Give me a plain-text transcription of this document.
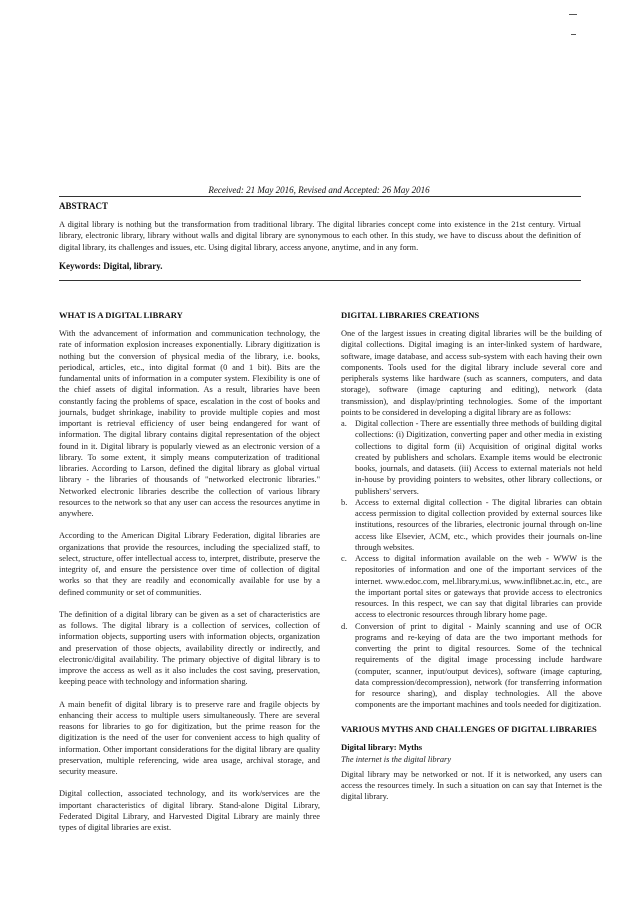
Received: 21 May 2016, Revised and Accepted: 26 May 2016

ABSTRACT

A digital library is nothing but the transformation from traditional library. The digital libraries concept come into existence in the 21st century. Virtual library, electronic library, library without walls and digital library are synonymous to each other. In this study, we have to discuss about the definition of digital library, its challenges and issues, etc. Using digital library, access anyone, anytime, and in any form.

Keywords: Digital, library.

WHAT IS A DIGITAL LIBRARY

With the advancement of information and communication technology, the rate of information explosion increases exponentially. Library digitization is nothing but the conversion of physical media of the library, i.e. books, periodical, articles, etc., into digital format (0 and 1 bit). Bits are the fundamental units of information in a computer system. Flexibility is one of the chief assets of digital information. As a result, libraries have been constantly facing the problems of space, escalation in the cost of books and journals, budget shrinkage, inability to provide multiple copies and most important is retrieval efficiency of user being endangered for want of information. The digital library contains digital representation of the object found in it. Digital library is popularly viewed as an electronic version of a library. To some extent, it simply means computerization of traditional libraries. According to Larson, defined the digital library as global virtual library - the libraries of thousands of "networked electronic libraries." Networked electronic libraries describe the collection of various library resources to the network so that any user can access the resources anytime in anywhere.

According to the American Digital Library Federation, digital libraries are organizations that provide the resources, including the specialized staff, to select, structure, offer intellectual access to, interpret, distribute, preserve the integrity of, and ensure the persistence over time of collection of digital works so that they are readily and economically available for use by a defined community or set of communities.

The definition of a digital library can be given as a set of characteristics are as follows. The digital library is a collection of services, collection of information objects, supporting users with information objects, organization and preservation of those objects, availability directly or indirectly, and electronic/digital availability. The primary objective of digital library is to improve the access as well as it also includes the cost saving, preservation, keeping peace with technology and information sharing.

A main benefit of digital library is to preserve rare and fragile objects by enhancing their access to multiple users simultaneously. There are several reasons for libraries to go for digitization, but the prime reason for the digitization is the need of the user for convenient access to high quality of information. Other important considerations for the digital library are quality preservation, multiple referencing, wide area usage, archival storage, and security measure.

Digital collection, associated technology, and its work/services are the important characteristics of digital library. Stand-alone Digital Library, Federated Digital Library, and Harvested Digital Library are mainly three types of digital libraries are exist.

DIGITAL LIBRARIES CREATIONS

One of the largest issues in creating digital libraries will be the building of digital collections. Digital imaging is an inter-linked system of hardware, software, image database, and access sub-system with each having their own components. Tools used for the digital library include several core and peripherals systems like hardware (such as scanners, computers, and data storage), software (image capturing and editing), network (data transmission), and display/printing technologies. Some of the important points to be considered in developing a digital library are as follows:

a. Digital collection - There are essentially three methods of building digital collections: (i) Digitization, converting paper and other media in existing collections to digital form (ii) Acquisition of original digital works created by publishers and scholars. Example items would be electronic books, journals, and datasets. (iii) Access to external materials not held in-house by providing pointers to websites, other library collections, or publishers' servers.
b. Access to external digital collection - The digital libraries can obtain access permission to digital collection provided by external sources like institutions, resources of the libraries, electronic journal through on-line access like Elsevier, ACM, etc., which provides their journals on-line through websites.
c. Access to digital information available on the web - WWW is the repositories of information and one of the important services of the internet. www.edoc.com, mel.library.mi.us, www.inflibnet.ac.in, etc., are the important portal sites or gateways that provide access to electronics resources. In this respect, we can say that digital libraries can provide access to electronic resources through library home page.
d. Conversion of print to digital - Mainly scanning and use of OCR programs and re-keying of data are the two important methods for converting the print to digital resources. Some of the technical requirements of the digital image processing include hardware (computer, scanner, input/output devices), software (image capturing, data compression/decompression), network (for transferring information for resource sharing), and display technologies. All the above components are the important machines and tools needed for digitization.
VARIOUS MYTHS AND CHALLENGES OF DIGITAL LIBRARIES
Digital library: Myths

The internet is the digital library

Digital library may be networked or not. If it is networked, any users can access the resources timely. In such a situation on can say that Internet is the digital library.
